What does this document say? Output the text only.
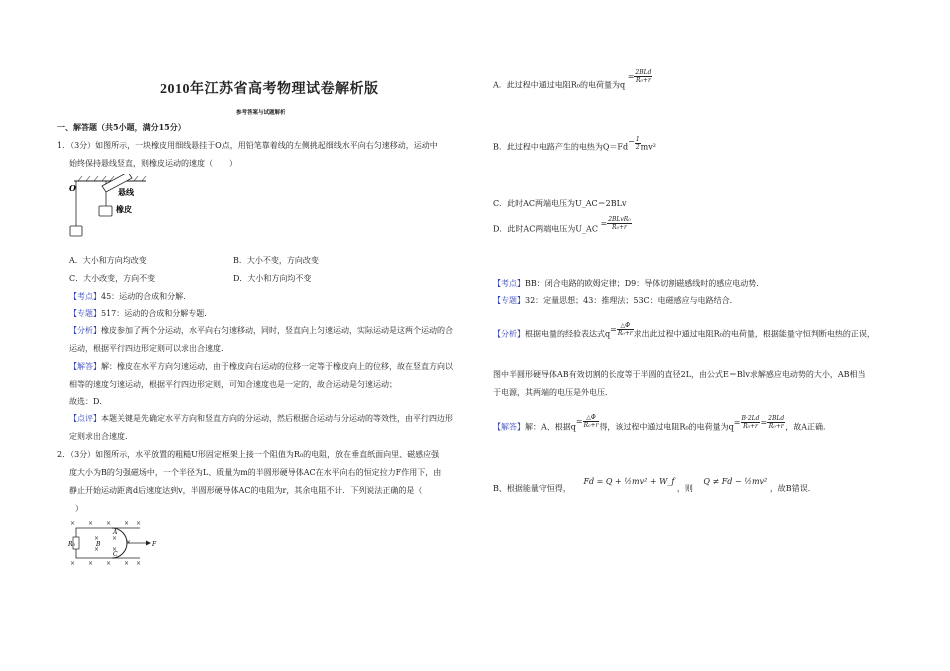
2010年江苏省高考物理试卷解析版
参考答案与试题解析
一、解答题（共5小题，满分15分）
1．（3分）如图所示，一块橡皮用细线悬挂于O点，用铅笔靠着线的左侧挑起细线水平向右匀速移动，运动中
始终保持悬线竖直，则橡皮运动的速度（　　）
O	悬线
橡皮
A．大小和方向均改变	B．大小不变，方向改变
C．大小改变，方向不变	D．大小和方向均不变
【考点】45：运动的合成和分解．
【专题】517：运动的合成和分解专题．
【分析】橡皮参加了两个分运动，水平向右匀速移动，同时，竖直向上匀速运动，实际运动是这两个运动的合
运动，根据平行四边形定则可以求出合速度．
【解答】解：橡皮在水平方向匀速运动，由于橡皮向右运动的位移一定等于橡皮向上的位移，故在竖直方向以
相等的速度匀速运动，根据平行四边形定则，可知合速度也是一定的，故合运动是匀速运动；
故选：D．
【点评】本题关键是先确定水平方向和竖直方向的分运动，然后根据合运动与分运动的等效性，由平行四边形
定则求出合速度．
2．（3分）如图所示，水平放置的粗糙U形固定框架上接一个阻值为R₀的电阻，放在垂直纸面向里、磁感应强
度大小为B的匀强磁场中，一个半径为L、质量为m的半圆形硬导体AC在水平向右的恒定拉力F作用下，由
静止开始运动距离d后速度达到v，半圆形硬导体AC的电阻为r，其余电阻不计．下列说法正确的是（
）
× × × × ×
× ×
× ×
×
× × × × ×
R₀	B
A
C
F
A．此过程中通过电阻R₀的电荷量为$q = \frac{\text{2BLd}}{\text{R₀+r}}$
B．此过程中电路产生的电热为$Q=Fd- \frac{1}{2} mv^2$
C．此时AC两端电压为U_AC＝2BLv
D．此时AC两端电压为U_AC = $\frac{\text{2BLvR₀}}{\text{R₀+r}}$
【考点】BB：闭合电路的欧姆定律；D9：导体切割磁感线时的感应电动势．
【专题】32：定量思想；43：推理法；53C：电磁感应与电路结合．
【分析】根据电量的经验表达式$q= \frac{\triangle\Phi}{\text{R₀+r}}$ 求出此过程中通过电阻R₀的电荷量，根据能量守恒判断电热的正误，
图中半圆形硬导体AB有效切割的长度等于半圆的直径2L，由公式E＝Blv求解感应电动势的大小，AB相当
于电源，其两端的电压是外电压．
【解答】解：A、根据$q= \frac{\triangle\Phi}{\text{R₀+r}}$ 得，该过程中通过电阻R₀的电荷量为$q= \frac{B\cdot 2Ld}{\text{R₀+r}} = \frac{\text{2BLd}}{\text{R₀+r}}$ ，故A正确．
B、根据能量守恒得， Fd = Q + ½mv² + W_f ，则 Q ≠ Fd − ½mv² ，故B错误．
